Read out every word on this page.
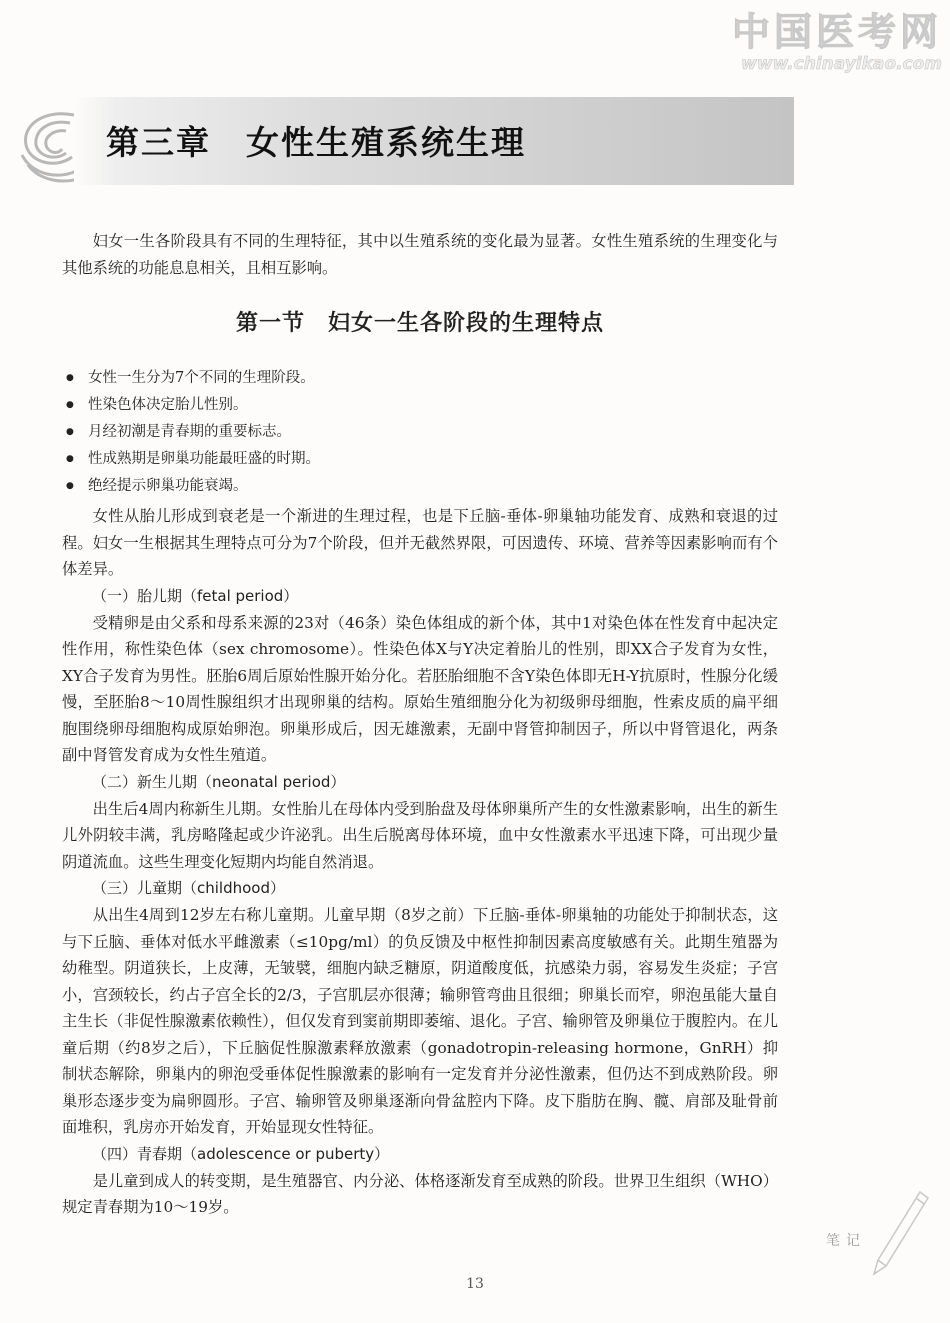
中国医考网
www.chinayikao.com
第三章　女性生殖系统生理

妇女一生各阶段具有不同的生理特征，其中以生殖系统的变化最为显著。女性生殖系统的生理变化与其他系统的功能息息相关，且相互影响。

第一节　妇女一生各阶段的生理特点
● 女性一生分为7个不同的生理阶段。
● 性染色体决定胎儿性别。
● 月经初潮是青春期的重要标志。
● 性成熟期是卵巢功能最旺盛的时期。
● 绝经提示卵巢功能衰竭。

女性从胎儿形成到衰老是一个渐进的生理过程，也是下丘脑-垂体-卵巢轴功能发育、成熟和衰退的过程。妇女一生根据其生理特点可分为7个阶段，但并无截然界限，可因遗传、环境、营养等因素影响而有个体差异。

（一）胎儿期（fetal period）

受精卵是由父系和母系来源的23对（46条）染色体组成的新个体，其中1对染色体在性发育中起决定性作用，称性染色体（sex chromosome）。性染色体X与Y决定着胎儿的性别，即XX合子发育为女性，XY合子发育为男性。胚胎6周后原始性腺开始分化。若胚胎细胞不含Y染色体即无H-Y抗原时，性腺分化缓慢，至胚胎8～10周性腺组织才出现卵巢的结构。原始生殖细胞分化为初级卵母细胞，性索皮质的扁平细胞围绕卵母细胞构成原始卵泡。卵巢形成后，因无雄激素，无副中肾管抑制因子，所以中肾管退化，两条副中肾管发育成为女性生殖道。

（二）新生儿期（neonatal period）

出生后4周内称新生儿期。女性胎儿在母体内受到胎盘及母体卵巢所产生的女性激素影响，出生的新生儿外阴较丰满，乳房略隆起或少许泌乳。出生后脱离母体环境，血中女性激素水平迅速下降，可出现少量阴道流血。这些生理变化短期内均能自然消退。

（三）儿童期（childhood）

从出生4周到12岁左右称儿童期。儿童早期（8岁之前）下丘脑-垂体-卵巢轴的功能处于抑制状态，这与下丘脑、垂体对低水平雌激素（≤10pg/ml）的负反馈及中枢性抑制因素高度敏感有关。此期生殖器为幼稚型。阴道狭长，上皮薄，无皱襞，细胞内缺乏糖原，阴道酸度低，抗感染力弱，容易发生炎症；子宫小，宫颈较长，约占子宫全长的2/3，子宫肌层亦很薄；输卵管弯曲且很细；卵巢长而窄，卵泡虽能大量自主生长（非促性腺激素依赖性），但仅发育到窦前期即萎缩、退化。子宫、输卵管及卵巢位于腹腔内。在儿童后期（约8岁之后），下丘脑促性腺激素释放激素（gonadotropin-releasing hormone，GnRH）抑制状态解除，卵巢内的卵泡受垂体促性腺激素的影响有一定发育并分泌性激素，但仍达不到成熟阶段。卵巢形态逐步变为扁卵圆形。子宫、输卵管及卵巢逐渐向骨盆腔内下降。皮下脂肪在胸、髋、肩部及耻骨前面堆积，乳房亦开始发育，开始显现女性特征。

（四）青春期（adolescence or puberty）

是儿童到成人的转变期，是生殖器官、内分泌、体格逐渐发育至成熟的阶段。世界卫生组织（WHO）规定青春期为10～19岁。

笔记
13
